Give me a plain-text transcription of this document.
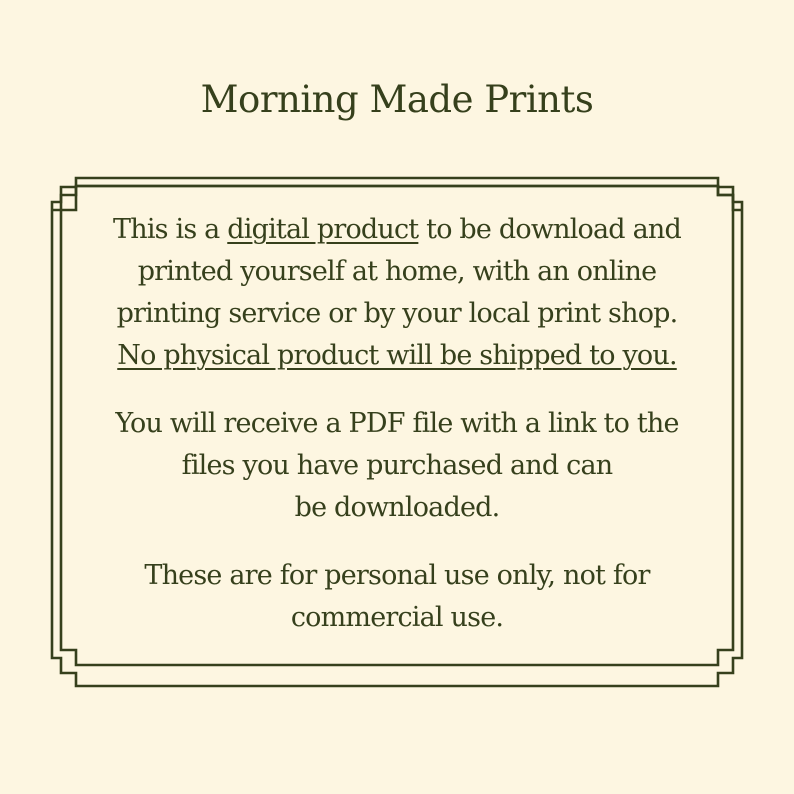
Morning Made Prints

This is a digital product to be download and

printed yourself at home, with an online

printing service or by your local print shop.

No physical product will be shipped to you.

You will receive a PDF file with a link to the

files you have purchased and can

be downloaded.

These are for personal use only, not for

commercial use.
